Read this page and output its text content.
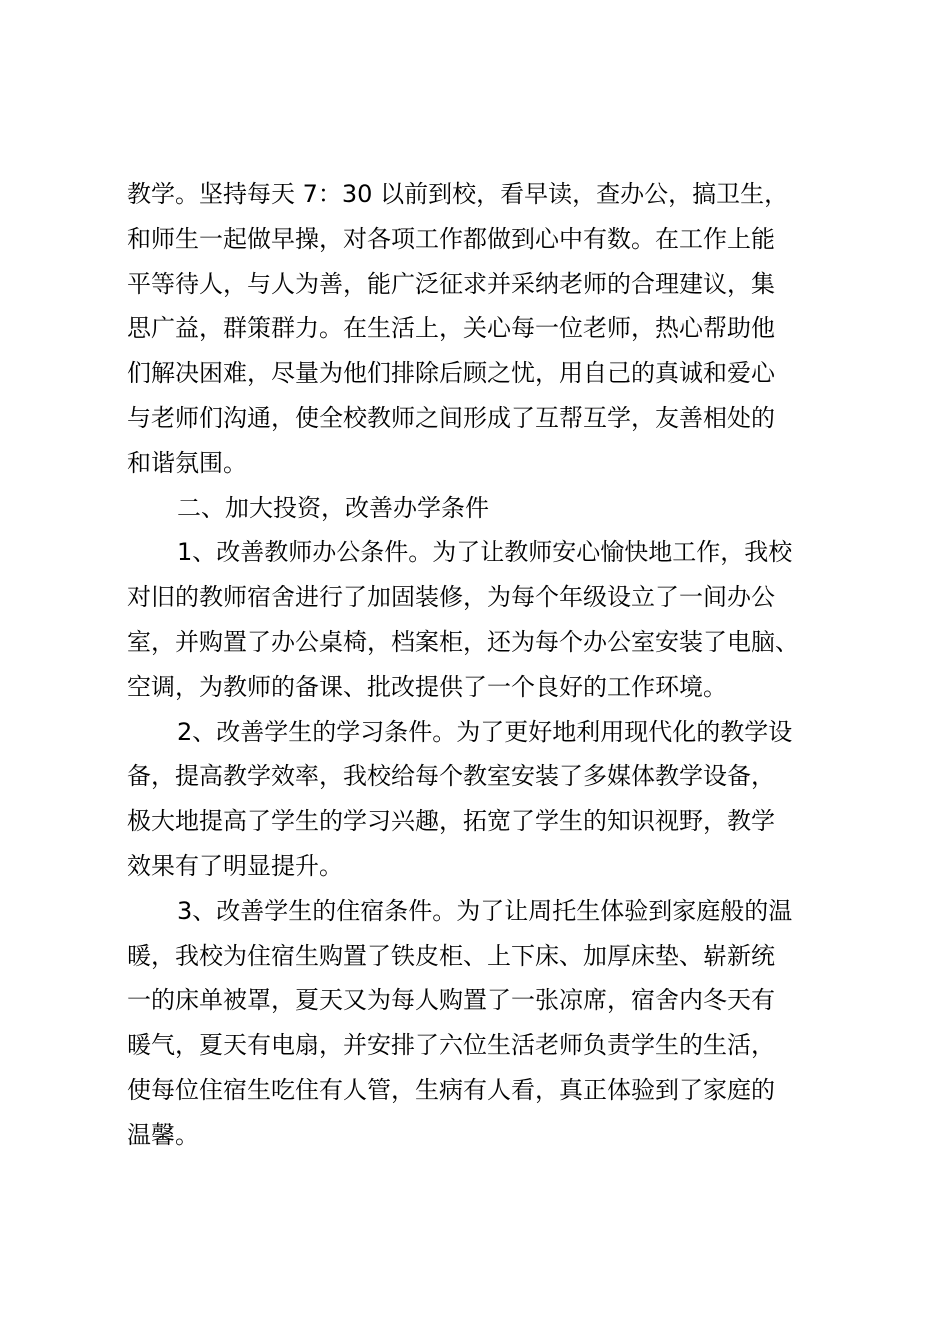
教学。坚持每天 7：30 以前到校，看早读，查办公，搞卫生，
和师生一起做早操，对各项工作都做到心中有数。在工作上能
平等待人，与人为善，能广泛征求并采纳老师的合理建议，集
思广益，群策群力。在生活上，关心每一位老师，热心帮助他
们解决困难，尽量为他们排除后顾之忧，用自己的真诚和爱心
与老师们沟通，使全校教师之间形成了互帮互学，友善相处的
和谐氛围。
二、加大投资，改善办学条件
1、改善教师办公条件。为了让教师安心愉快地工作，我校
对旧的教师宿舍进行了加固装修，为每个年级设立了一间办公
室，并购置了办公桌椅，档案柜，还为每个办公室安装了电脑、
空调，为教师的备课、批改提供了一个良好的工作环境。
2、改善学生的学习条件。为了更好地利用现代化的教学设
备，提高教学效率，我校给每个教室安装了多媒体教学设备，
极大地提高了学生的学习兴趣，拓宽了学生的知识视野，教学
效果有了明显提升。
3、改善学生的住宿条件。为了让周托生体验到家庭般的温
暖，我校为住宿生购置了铁皮柜、上下床、加厚床垫、崭新统
一的床单被罩，夏天又为每人购置了一张凉席，宿舍内冬天有
暖气，夏天有电扇，并安排了六位生活老师负责学生的生活，
使每位住宿生吃住有人管，生病有人看，真正体验到了家庭的
温馨。
